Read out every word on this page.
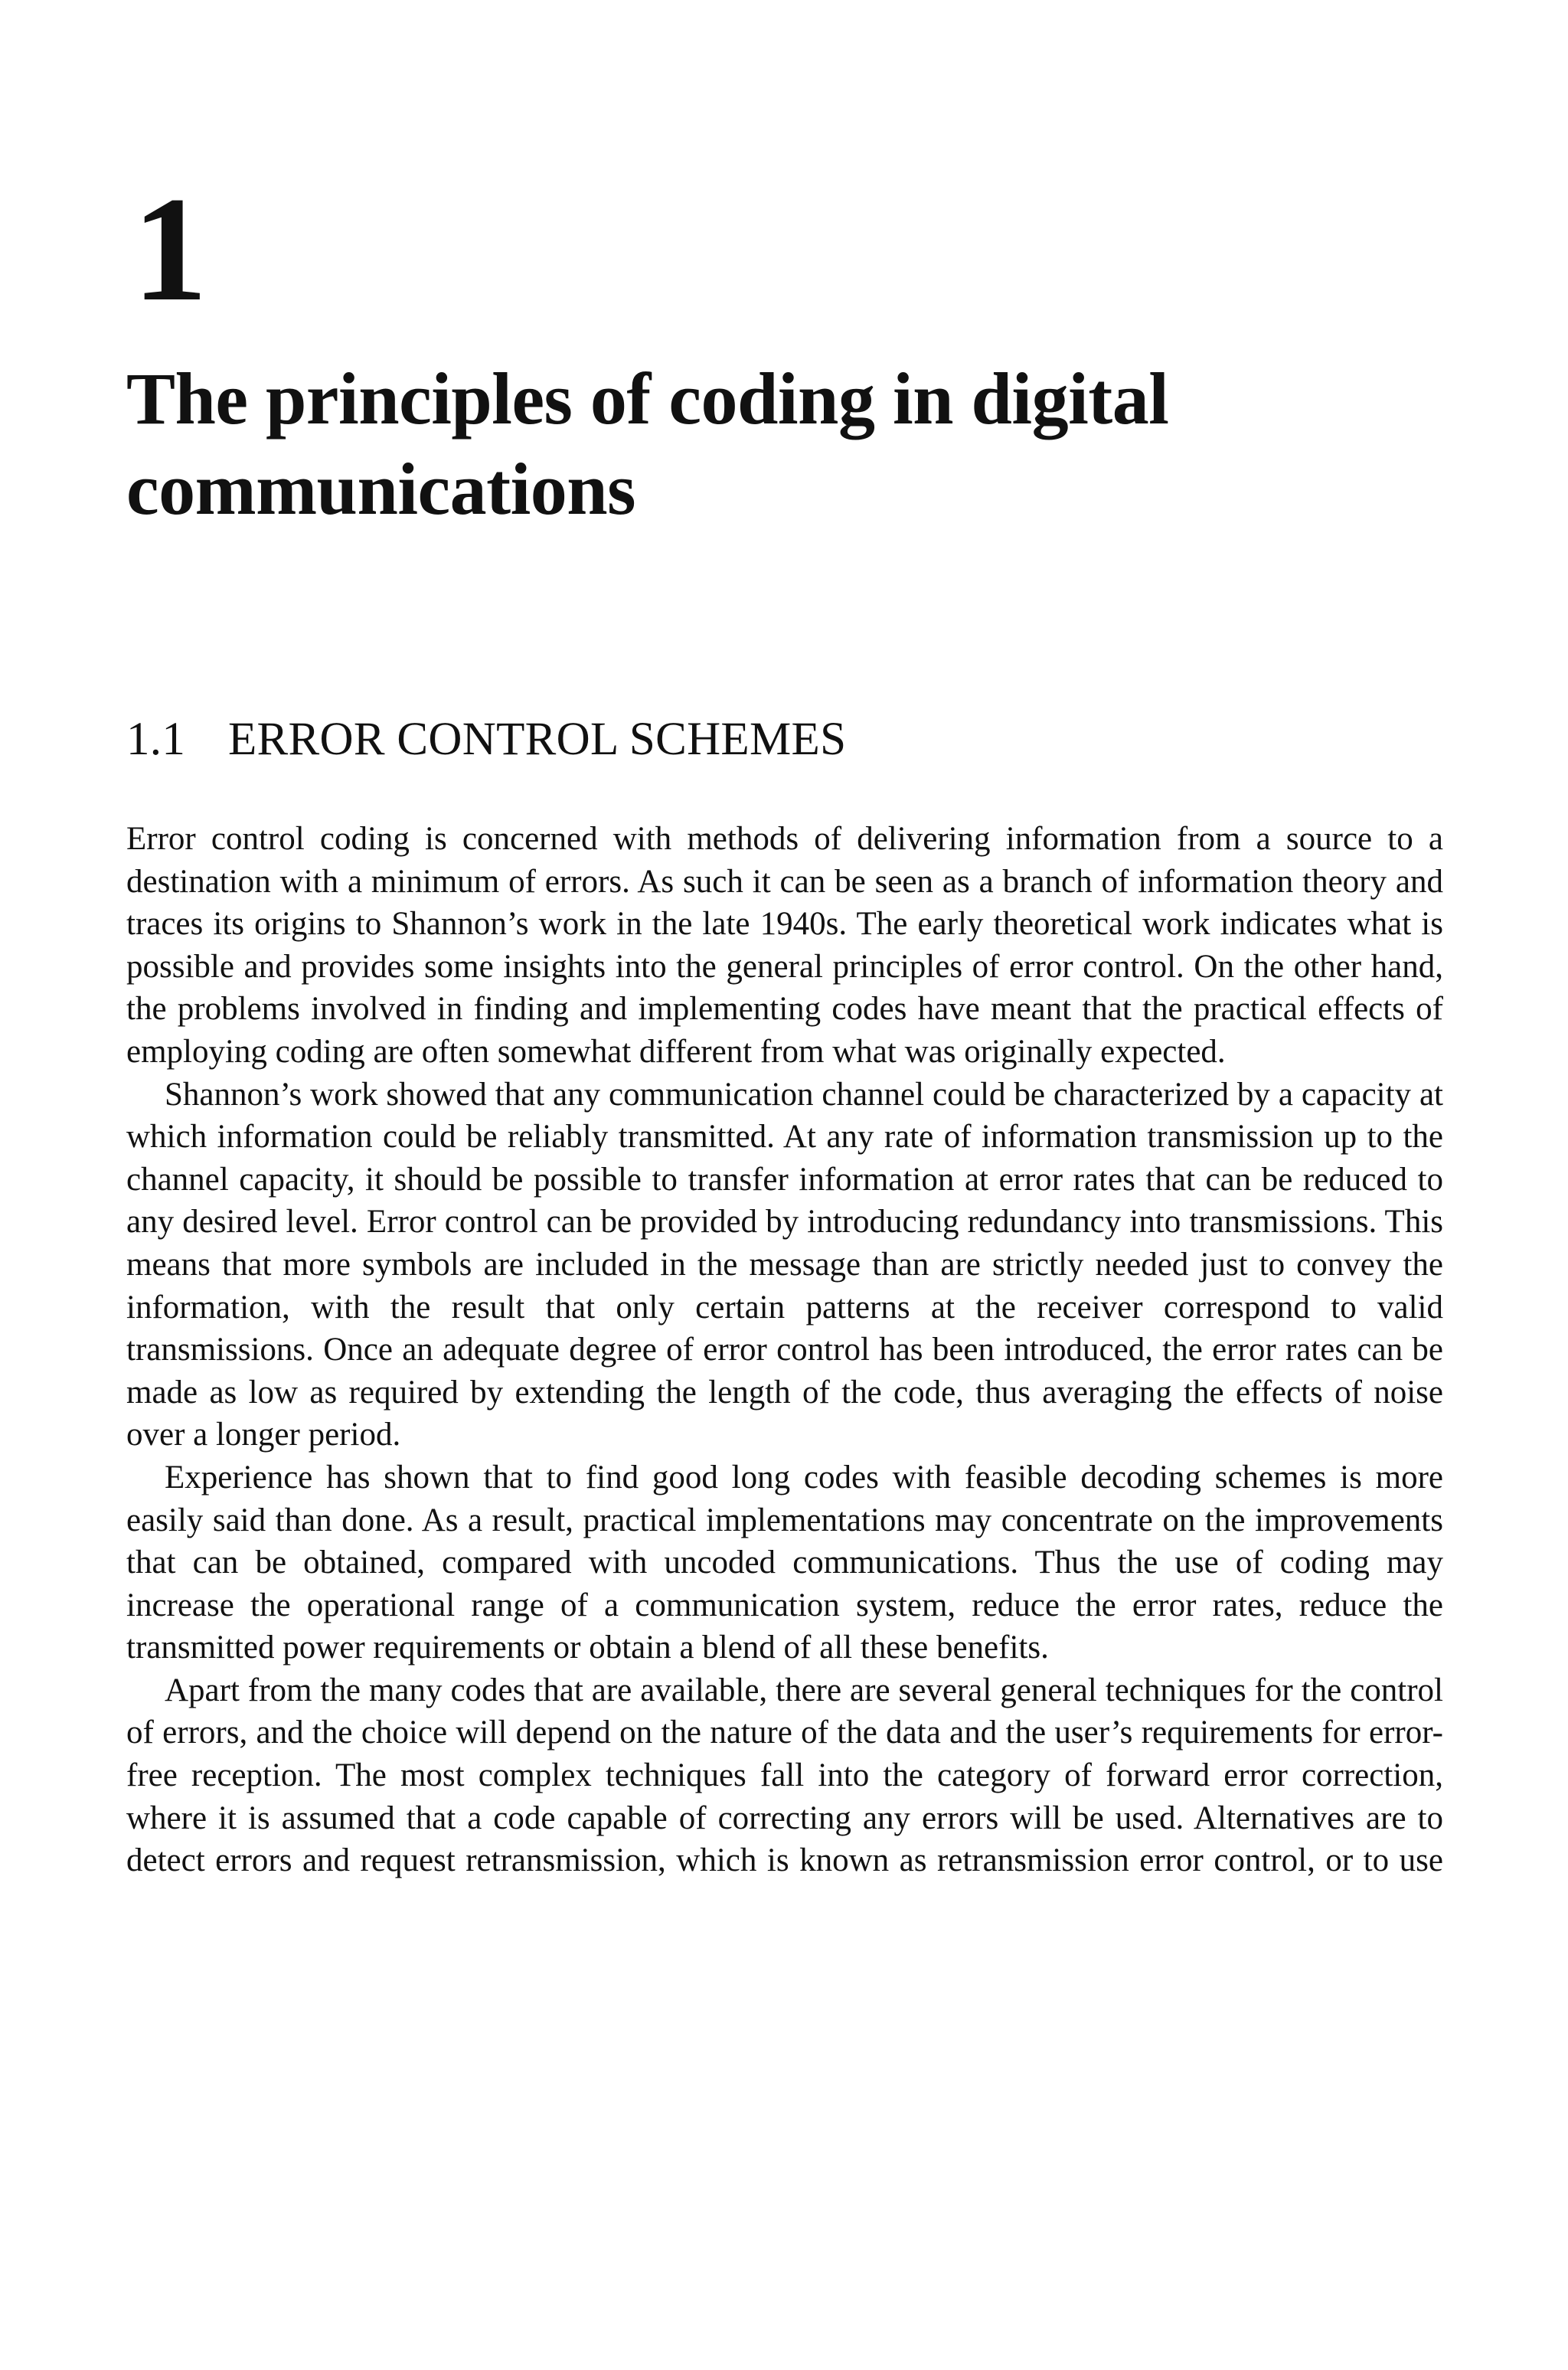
1
The principles of coding in digital communications
1.1 ERROR CONTROL SCHEMES

Error control coding is concerned with methods of delivering information from a source to a destination with a minimum of errors. As such it can be seen as a branch of information theory and traces its origins to Shannon’s work in the late 1940s. The early theoretical work indicates what is possible and provides some insights into the general principles of error control. On the other hand, the problems involved in finding and implementing codes have meant that the practical effects of employing coding are often somewhat different from what was originally expected.

Shannon’s work showed that any communication channel could be characterized by a capacity at which information could be reliably transmitted. At any rate of information transmission up to the channel capacity, it should be possible to transfer information at error rates that can be reduced to any desired level. Error control can be provided by introducing redundancy into transmissions. This means that more symbols are included in the message than are strictly needed just to convey the information, with the result that only certain patterns at the receiver correspond to valid transmissions. Once an adequate degree of error control has been introduced, the error rates can be made as low as required by extending the length of the code, thus averaging the effects of noise over a longer period.

Experience has shown that to find good long codes with feasible decoding schemes is more easily said than done. As a result, practical implementations may concentrate on the improvements that can be obtained, compared with uncoded communications. Thus the use of coding may increase the operational range of a communication system, reduce the error rates, reduce the transmitted power requirements or obtain a blend of all these benefits.

Apart from the many codes that are available, there are several general techniques for the control of errors, and the choice will depend on the nature of the data and the user’s requirements for error-free reception. The most complex techniques fall into the category of forward error correction, where it is assumed that a code capable of correcting any errors will be used. Alternatives are to detect errors and request retransmission, which is known as retransmission error control, or to use
